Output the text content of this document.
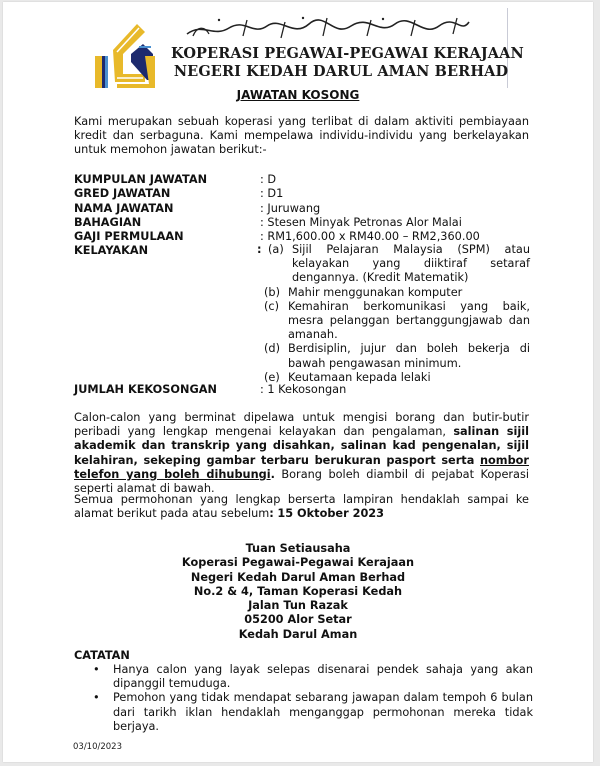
KOPERASI PEGAWAI-PEGAWAI KERAJAAN
NEGERI KEDAH DARUL AMAN BERHAD
JAWATAN KOSONG
Kami merupakan sebuah koperasi yang terlibat di dalam aktiviti pembiayaan kredit dan serbaguna. Kami mempelawa individu-individu yang berkelayakan untuk memohon jawatan berikut:-
KUMPULAN JAWATAN	: D
GRED JAWATAN	: D1
NAMA JAWATAN	: Juruwang
BAHAGIAN	: Stesen Minyak Petronas Alor Malai
GAJI PERMULAAN	: RM1,600.00 x RM40.00 – RM2,360.00
KELAYAKAN	: (a) Sijil Pelajaran Malaysia (SPM) atau kelayakan yang diiktiraf setaraf dengannya. (Kredit Matematik)
(b) Mahir menggunakan komputer
(c) Kemahiran berkomunikasi yang baik, mesra pelanggan bertanggungjawab dan amanah.
(d) Berdisiplin, jujur dan boleh bekerja di bawah pengawasan minimum.
(e) Keutamaan kepada lelaki
JUMLAH KEKOSONGAN	: 1 Kekosongan
Calon-calon yang berminat dipelawa untuk mengisi borang dan butir-butir peribadi yang lengkap mengenai kelayakan dan pengalaman, salinan sijil akademik dan transkrip yang disahkan, salinan kad pengenalan, sijil kelahiran, sekeping gambar terbaru berukuran pasport serta nombor telefon yang boleh dihubungi. Borang boleh diambil di pejabat Koperasi seperti alamat di bawah.
Semua permohonan yang lengkap berserta lampiran hendaklah sampai ke alamat berikut pada atau sebelum: 15 Oktober 2023
Tuan Setiausaha
Koperasi Pegawai-Pegawai Kerajaan
Negeri Kedah Darul Aman Berhad
No.2 & 4, Taman Koperasi Kedah
Jalan Tun Razak
05200 Alor Setar
Kedah Darul Aman
CATATAN
•	Hanya calon yang layak selepas disenarai pendek sahaja yang akan dipanggil temuduga.
•	Pemohon yang tidak mendapat sebarang jawapan dalam tempoh 6 bulan dari tarikh iklan hendaklah menganggap permohonan mereka tidak berjaya.
03/10/2023
